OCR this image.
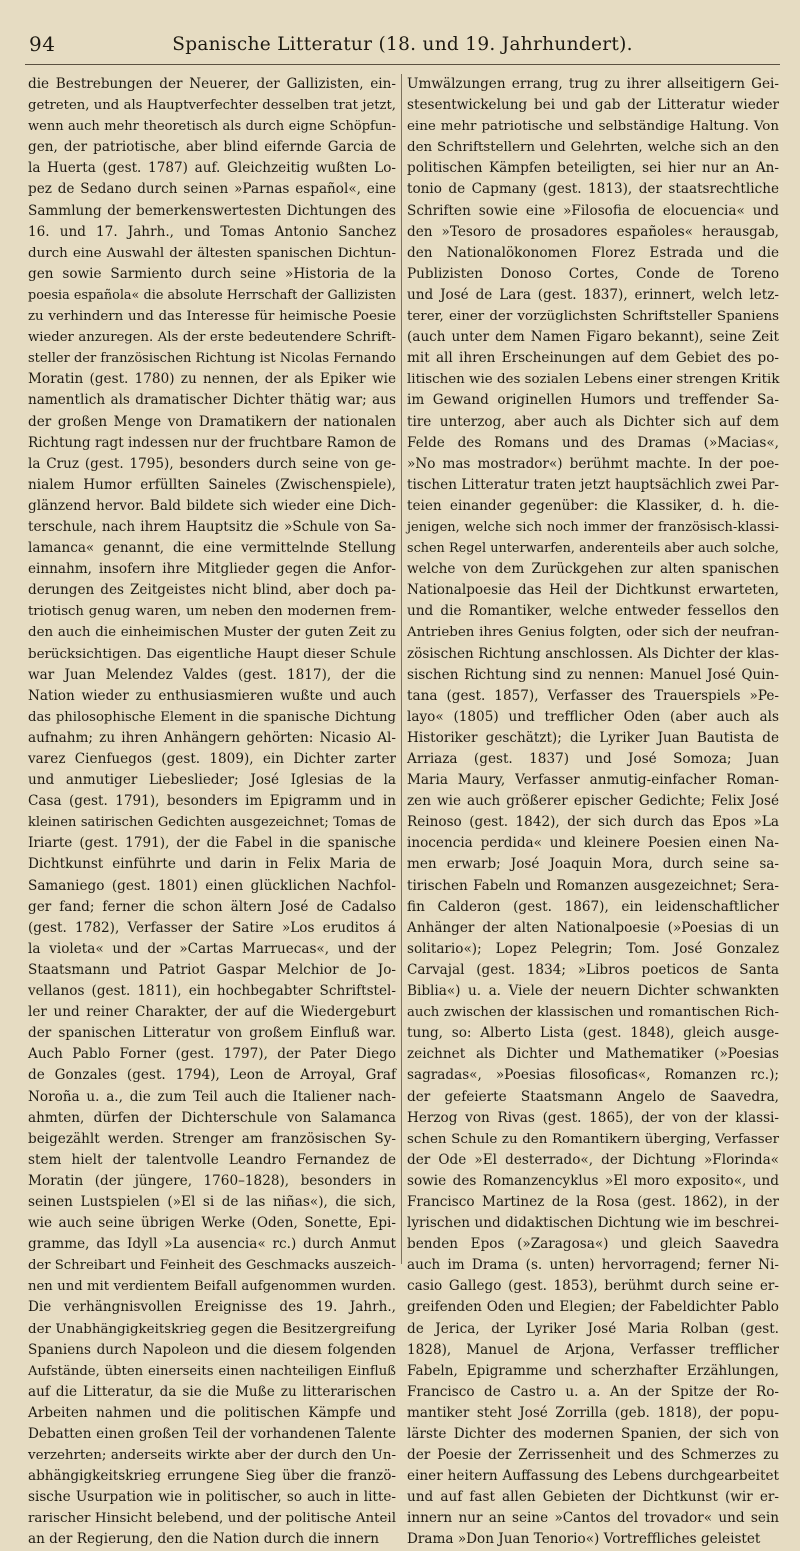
94	Spanische Litteratur (18. und 19. Jahrhundert).

die Bestrebungen der Neuerer, der Gallizisten, ein-

getreten, und als Hauptverfechter desselben trat jetzt,

wenn auch mehr theoretisch als durch eigne Schöpfun-

gen, der patriotische, aber blind eifernde Garcia de

la Huerta (gest. 1787) auf. Gleichzeitig wußten Lo-

pez de Sedano durch seinen »Parnas español«, eine

Sammlung der bemerkenswertesten Dichtungen des

16. und 17. Jahrh., und Tomas Antonio Sanchez

durch eine Auswahl der ältesten spanischen Dichtun-

gen sowie Sarmiento durch seine »Historia de la

poesia española« die absolute Herrschaft der Gallizisten

zu verhindern und das Interesse für heimische Poesie

wieder anzuregen. Als der erste bedeutendere Schrift-

steller der französischen Richtung ist Nicolas Fernando

Moratin (gest. 1780) zu nennen, der als Epiker wie

namentlich als dramatischer Dichter thätig war; aus

der großen Menge von Dramatikern der nationalen

Richtung ragt indessen nur der fruchtbare Ramon de

la Cruz (gest. 1795), besonders durch seine von ge-

nialem Humor erfüllten Saineles (Zwischenspiele),

glänzend hervor. Bald bildete sich wieder eine Dich-

terschule, nach ihrem Hauptsitz die »Schule von Sa-

lamanca« genannt, die eine vermittelnde Stellung

einnahm, insofern ihre Mitglieder gegen die Anfor-

derungen des Zeitgeistes nicht blind, aber doch pa-

triotisch genug waren, um neben den modernen frem-

den auch die einheimischen Muster der guten Zeit zu

berücksichtigen. Das eigentliche Haupt dieser Schule

war Juan Melendez Valdes (gest. 1817), der die

Nation wieder zu enthusiasmieren wußte und auch

das philosophische Element in die spanische Dichtung

aufnahm; zu ihren Anhängern gehörten: Nicasio Al-

varez Cienfuegos (gest. 1809), ein Dichter zarter

und anmutiger Liebeslieder; José Iglesias de la

Casa (gest. 1791), besonders im Epigramm und in

kleinen satirischen Gedichten ausgezeichnet; Tomas de

Iriarte (gest. 1791), der die Fabel in die spanische

Dichtkunst einführte und darin in Felix Maria de

Samaniego (gest. 1801) einen glücklichen Nachfol-

ger fand; ferner die schon ältern José de Cadalso

(gest. 1782), Verfasser der Satire »Los eruditos á

la violeta« und der »Cartas Marruecas«, und der

Staatsmann und Patriot Gaspar Melchior de Jo-

vellanos (gest. 1811), ein hochbegabter Schriftstel-

ler und reiner Charakter, der auf die Wiedergeburt

der spanischen Litteratur von großem Einfluß war.

Auch Pablo Forner (gest. 1797), der Pater Diego

de Gonzales (gest. 1794), Leon de Arroyal, Graf

Noroña u. a., die zum Teil auch die Italiener nach-

ahmten, dürfen der Dichterschule von Salamanca

beigezählt werden. Strenger am französischen Sy-

stem hielt der talentvolle Leandro Fernandez de

Moratin (der jüngere, 1760–1828), besonders in

seinen Lustspielen (»El si de las niñas«), die sich,

wie auch seine übrigen Werke (Oden, Sonette, Epi-

gramme, das Idyll »La ausencia« rc.) durch Anmut

der Schreibart und Feinheit des Geschmacks auszeich-

nen und mit verdientem Beifall aufgenommen wurden.

Die verhängnisvollen Ereignisse des 19. Jahrh.,

der Unabhängigkeitskrieg gegen die Besitzergreifung

Spaniens durch Napoleon und die diesem folgenden

Aufstände, übten einerseits einen nachteiligen Einfluß

auf die Litteratur, da sie die Muße zu litterarischen

Arbeiten nahmen und die politischen Kämpfe und

Debatten einen großen Teil der vorhandenen Talente

verzehrten; anderseits wirkte aber der durch den Un-

abhängigkeitskrieg errungene Sieg über die franzö-

sische Usurpation wie in politischer, so auch in litte-

rarischer Hinsicht belebend, und der politische Anteil

an der Regierung, den die Nation durch die innern

Umwälzungen errang, trug zu ihrer allseitigern Gei-

stesentwickelung bei und gab der Litteratur wieder

eine mehr patriotische und selbständige Haltung. Von

den Schriftstellern und Gelehrten, welche sich an den

politischen Kämpfen beteiligten, sei hier nur an An-

tonio de Capmany (gest. 1813), der staatsrechtliche

Schriften sowie eine »Filosofia de elocuencia« und

den »Tesoro de prosadores españoles« herausgab,

den Nationalökonomen Florez Estrada und die

Publizisten Donoso Cortes, Conde de Toreno

und José de Lara (gest. 1837), erinnert, welch letz-

terer, einer der vorzüglichsten Schriftsteller Spaniens

(auch unter dem Namen Figaro bekannt), seine Zeit

mit all ihren Erscheinungen auf dem Gebiet des po-

litischen wie des sozialen Lebens einer strengen Kritik

im Gewand originellen Humors und treffender Sa-

tire unterzog, aber auch als Dichter sich auf dem

Felde des Romans und des Dramas (»Macias«,

»No mas mostrador«) berühmt machte. In der poe-

tischen Litteratur traten jetzt hauptsächlich zwei Par-

teien einander gegenüber: die Klassiker, d. h. die-

jenigen, welche sich noch immer der französisch-klassi-

schen Regel unterwarfen, anderenteils aber auch solche,

welche von dem Zurückgehen zur alten spanischen

Nationalpoesie das Heil der Dichtkunst erwarteten,

und die Romantiker, welche entweder fessellos den

Antrieben ihres Genius folgten, oder sich der neufran-

zösischen Richtung anschlossen. Als Dichter der klas-

sischen Richtung sind zu nennen: Manuel José Quin-

tana (gest. 1857), Verfasser des Trauerspiels »Pe-

layo« (1805) und trefflicher Oden (aber auch als

Historiker geschätzt); die Lyriker Juan Bautista de

Arriaza (gest. 1837) und José Somoza; Juan

Maria Maury, Verfasser anmutig-einfacher Roman-

zen wie auch größerer epischer Gedichte; Felix José

Reinoso (gest. 1842), der sich durch das Epos »La

inocencia perdida« und kleinere Poesien einen Na-

men erwarb; José Joaquin Mora, durch seine sa-

tirischen Fabeln und Romanzen ausgezeichnet; Sera-

fin Calderon (gest. 1867), ein leidenschaftlicher

Anhänger der alten Nationalpoesie (»Poesias di un

solitario«); Lopez Pelegrin; Tom. José Gonzalez

Carvajal (gest. 1834; »Libros poeticos de Santa

Biblia«) u. a. Viele der neuern Dichter schwankten

auch zwischen der klassischen und romantischen Rich-

tung, so: Alberto Lista (gest. 1848), gleich ausge-

zeichnet als Dichter und Mathematiker (»Poesias

sagradas«, »Poesias filosoficas«, Romanzen rc.);

der gefeierte Staatsmann Angelo de Saavedra,

Herzog von Rivas (gest. 1865), der von der klassi-

schen Schule zu den Romantikern überging, Verfasser

der Ode »El desterrado«, der Dichtung »Florinda«

sowie des Romanzencyklus »El moro exposito«, und

Francisco Martinez de la Rosa (gest. 1862), in der

lyrischen und didaktischen Dichtung wie im beschrei-

benden Epos (»Zaragosa«) und gleich Saavedra

auch im Drama (s. unten) hervorragend; ferner Ni-

casio Gallego (gest. 1853), berühmt durch seine er-

greifenden Oden und Elegien; der Fabeldichter Pablo

de Jerica, der Lyriker José Maria Rolban (gest.

1828), Manuel de Arjona, Verfasser trefflicher

Fabeln, Epigramme und scherzhafter Erzählungen,

Francisco de Castro u. a. An der Spitze der Ro-

mantiker steht José Zorrilla (geb. 1818), der popu-

lärste Dichter des modernen Spanien, der sich von

der Poesie der Zerrissenheit und des Schmerzes zu

einer heitern Auffassung des Lebens durchgearbeitet

und auf fast allen Gebieten der Dichtkunst (wir er-

innern nur an seine »Cantos del trovador« und sein

Drama »Don Juan Tenorio«) Vortreffliches geleistet
